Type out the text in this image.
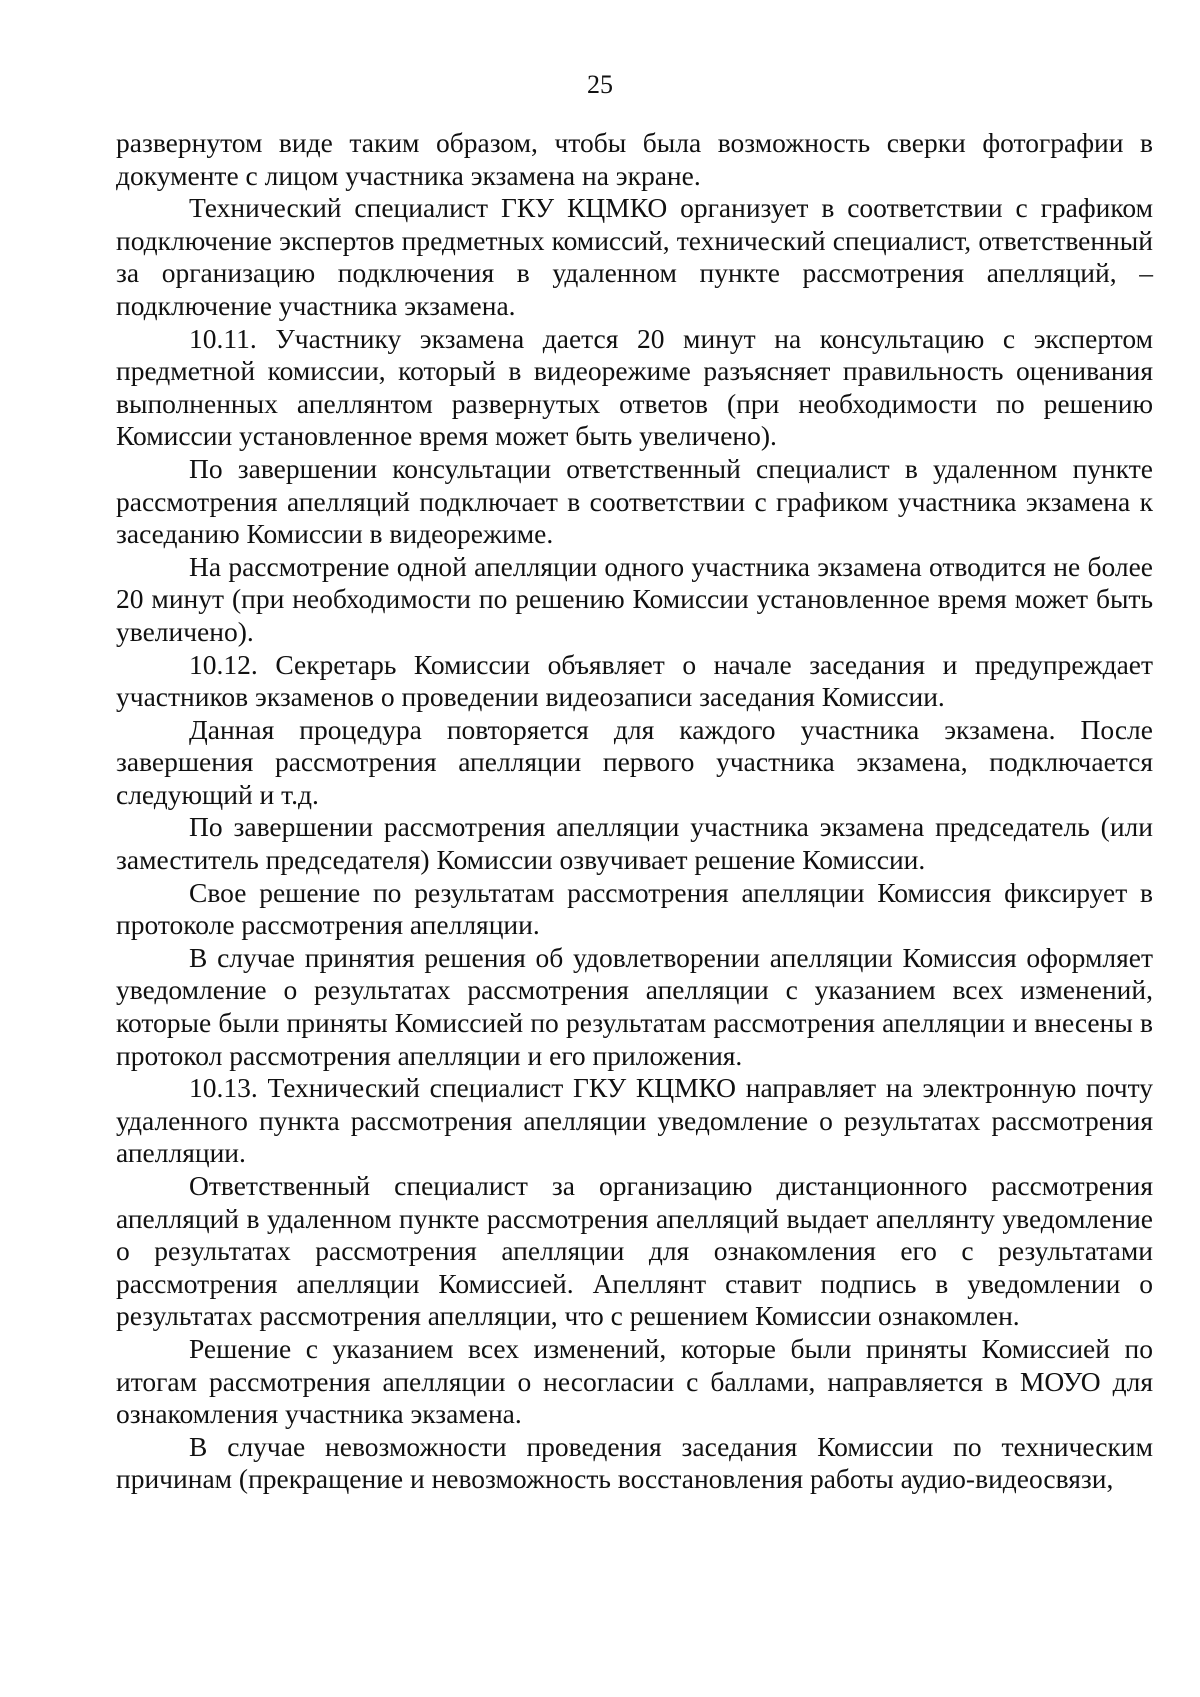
25

развернутом виде таким образом, чтобы была возможность сверки фотографии в документе с лицом участника экзамена на экране.

Технический специалист ГКУ КЦМКО организует в соответствии с графиком подключение экспертов предметных комиссий, технический специалист, ответственный за организацию подключения в удаленном пункте рассмотрения апелляций, – подключение участника экзамена.

10.11. Участнику экзамена дается 20 минут на консультацию с экспертом предметной комиссии, который в видеорежиме разъясняет правильность оценивания выполненных апеллянтом развернутых ответов (при необходимости по решению Комиссии установленное время может быть увеличено).

По завершении консультации ответственный специалист в удаленном пункте рассмотрения апелляций подключает в соответствии с графиком участника экзамена к заседанию Комиссии в видеорежиме.

На рассмотрение одной апелляции одного участника экзамена отводится не более 20 минут (при необходимости по решению Комиссии установленное время может быть увеличено).

10.12. Секретарь Комиссии объявляет о начале заседания и предупреждает участников экзаменов о проведении видеозаписи заседания Комиссии.

Данная процедура повторяется для каждого участника экзамена. После завершения рассмотрения апелляции первого участника экзамена, подключается следующий и т.д.

По завершении рассмотрения апелляции участника экзамена председатель (или заместитель председателя) Комиссии озвучивает решение Комиссии.

Свое решение по результатам рассмотрения апелляции Комиссия фиксирует в протоколе рассмотрения апелляции.

В случае принятия решения об удовлетворении апелляции Комиссия оформляет уведомление о результатах рассмотрения апелляции с указанием всех изменений, которые были приняты Комиссией по результатам рассмотрения апелляции и внесены в протокол рассмотрения апелляции и его приложения.

10.13. Технический специалист ГКУ КЦМКО направляет на электронную почту удаленного пункта рассмотрения апелляции уведомление о результатах рассмотрения апелляции.

Ответственный специалист за организацию дистанционного рассмотрения апелляций в удаленном пункте рассмотрения апелляций выдает апеллянту уведомление о результатах рассмотрения апелляции для ознакомления его с результатами рассмотрения апелляции Комиссией. Апеллянт ставит подпись в уведомлении о результатах рассмотрения апелляции, что с решением Комиссии ознакомлен.

Решение с указанием всех изменений, которые были приняты Комиссией по итогам рассмотрения апелляции о несогласии с баллами, направляется в МОУО для ознакомления участника экзамена.

В случае невозможности проведения заседания Комиссии по техническим причинам (прекращение и невозможность восстановления работы аудио-видеосвязи,
